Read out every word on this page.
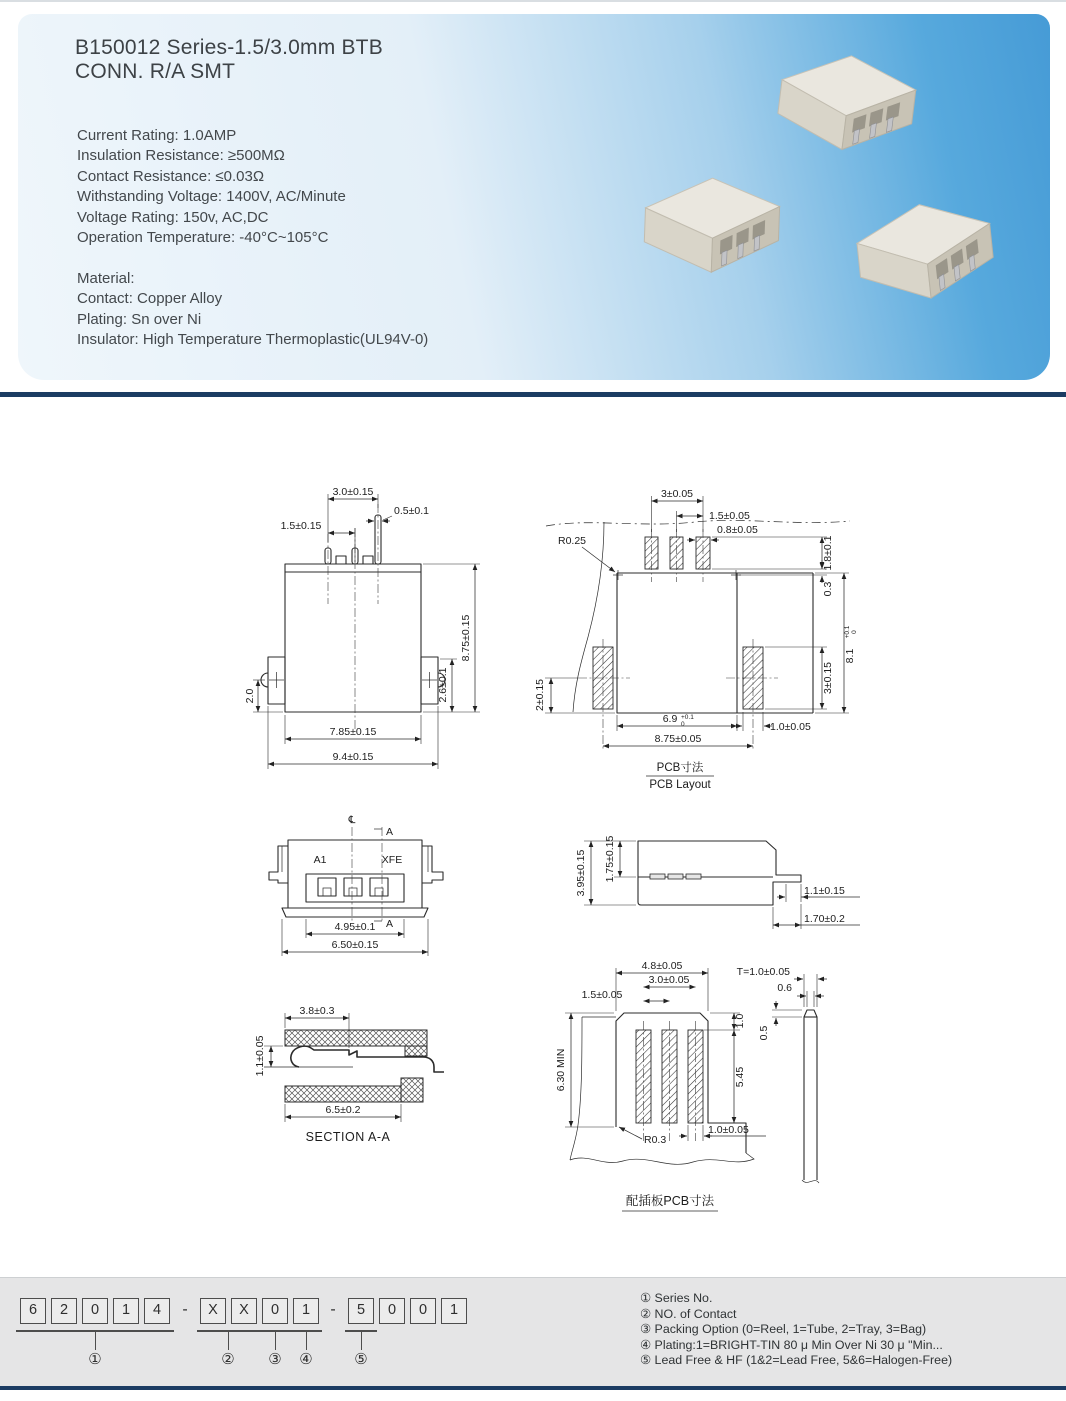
B150012 Series-1.5/3.0mm BTB
CONN. R/A SMT
Current Rating: 1.0AMP
Insulation Resistance: ≥500MΩ
Contact Resistance: ≤0.03Ω
Withstanding Voltage: 1400V, AC/Minute
Voltage Rating: 150v, AC,DC
Operation Temperature: -40°C~105°C
Material:
Contact: Copper Alloy
Plating: Sn over Ni
Insulator: High Temperature Thermoplastic(UL94V-0)
3.0±0.15
0.5±0.1
1.5±0.15
8.75±0.15
2.6±0.1
2.0
7.85±0.15
9.4±0.15
3±0.05
1.5±0.05
0.8±0.05
1.8±0.1
R0.25
0.3
8.1
+0.1 0
2±0.15
3±0.15
6.9 +0.1
0	1.0±0.05
8.75±0.05
PCB寸法
PCB Layout
A1	XFE
℄
A
A
4.95±0.1
6.50±0.15
3.95±0.15 1.75±0.15
1.1±0.15
1.70±0.2
3.8±0.3
1.1±0.05
6.5±0.2
SECTION A-A
4.8±0.05
3.0±0.05
1.5±0.05
6.30 MIN
1.0
5.45
R0.3
1.0±0.05
配插板PCB寸法
T=1.0±0.05
0.6
0.5
6	2	0	1	4	-	X	X	0	1	-	5	0	0	1
①	② ③ ④	⑤
① Series No.
② NO. of Contact
③ Packing Option (0=Reel, 1=Tube, 2=Tray, 3=Bag)
④ Plating:1=BRIGHT-TIN 80 μ Min Over Ni 30 μ "Min...
⑤ Lead Free & HF (1&2=Lead Free, 5&6=Halogen-Free)
